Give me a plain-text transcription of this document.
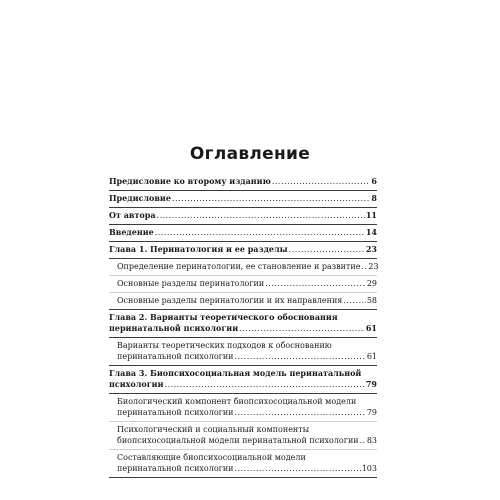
Оглавление
Предисловие ко второму изданию .....	6
Предисловие .....	8
От автора .....	11
Введение .....	14
Глава 1. Перинатология и ее разделы .....	23
Определение перинатологии, ее становление и развитие ..... 23
Основные разделы перинатологии .....	29
Основные разделы перинатологии и их направления .....	58
Глава 2. Варианты теоретического обоснования
перинатальной психологии .....	61
Варианты теоретических подходов к обоснованию
перинатальной психологии .....	61
Глава 3. Биопсихосоциальная модель перинатальной
психологии .....	79
Биологический компонент биопсихосоциальной модели
перинатальной психологии .....	79
Психологический и социальный компоненты
биопсихосоциальной модели перинатальной психологии ..... 83
Составляющие биопсихосоциальной модели
перинатальной психологии .....	103
